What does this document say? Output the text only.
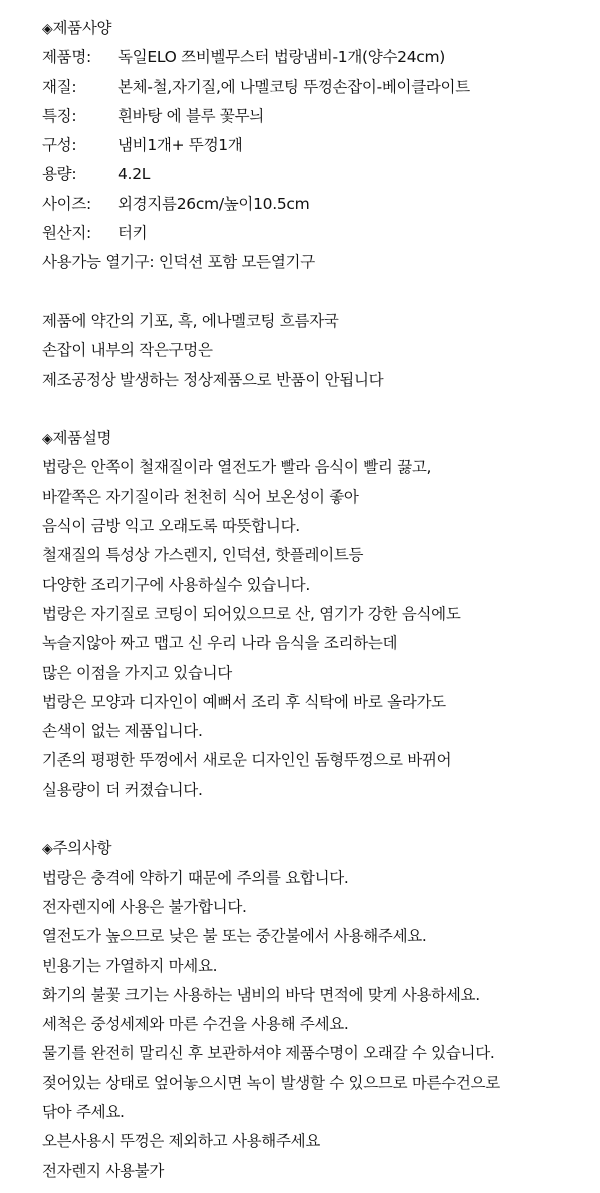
◈제품사양
제품명:	독일ELO 쯔비벨무스터 법랑냄비-1개(양수24cm)
재질:	본체-철,자기질,에 나멜코팅 뚜껑손잡이-베이클라이트
특징:	흰바탕 에 블루 꽃무늬
구성:	냄비1개+ 뚜껑1개
용량:	4.2L
사이즈:	외경지름26cm/높이10.5cm
원산지:	터키
사용가능 열기구: 인덕션 포함 모든열기구
제품에 약간의 기포, 흑, 에나멜코팅 흐름자국
손잡이 내부의 작은구멍은
제조공정상 발생하는 정상제품으로 반품이 안됩니다
◈제품설명
법랑은 안쪽이 철재질이라 열전도가 빨라 음식이 빨리 끓고,
바깥쪽은 자기질이라 천천히 식어 보온성이 좋아
음식이 금방 익고 오래도록 따뜻합니다.
철재질의 특성상 가스렌지, 인덕션, 핫플레이트등
다양한 조리기구에 사용하실수 있습니다.
법랑은 자기질로 코팅이 되어있으므로 산, 염기가 강한 음식에도
녹슬지않아 짜고 맵고 신 우리 나라 음식을 조리하는데
많은 이점을 가지고 있습니다
법랑은 모양과 디자인이 예뻐서 조리 후 식탁에 바로 올라가도
손색이 없는 제품입니다.
기존의 평평한 뚜껑에서 새로운 디자인인 돔형뚜껑으로 바뀌어
실용량이 더 커졌습니다.
◈주의사항
법랑은 충격에 약하기 때문에 주의를 요합니다.
전자렌지에 사용은 불가합니다.
열전도가 높으므로 낮은 불 또는 중간불에서 사용해주세요.
빈용기는 가열하지 마세요.
화기의 불꽃 크기는 사용하는 냄비의 바닥 면적에 맞게 사용하세요.
세척은 중성세제와 마른 수건을 사용해 주세요.
물기를 완전히 말리신 후 보관하셔야 제품수명이 오래갈 수 있습니다.
젖어있는 상태로 엎어놓으시면 녹이 발생할 수 있으므로 마른수건으로
닦아 주세요.
오븐사용시 뚜껑은 제외하고 사용해주세요
전자렌지 사용불가
